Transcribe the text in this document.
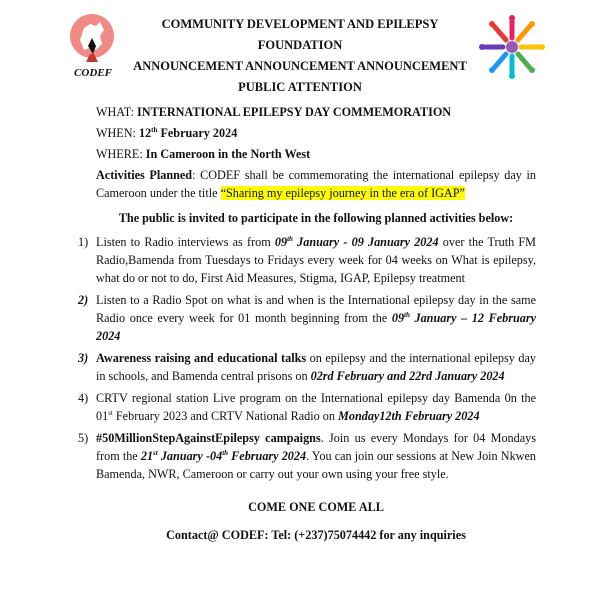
CODEF
COMMUNITY DEVELOPMENT AND EPILEPSY FOUNDATION
ANNOUNCEMENT ANNOUNCEMENT ANNOUNCEMENT
PUBLIC ATTENTION
WHAT: INTERNATIONAL EPILEPSY DAY COMMEMORATION
WHEN: 12th February 2024
WHERE: In Cameroon in the North West
Activities Planned: CODEF shall be commemorating the international epilepsy day in Cameroon under the title “Sharing my epilepsy journey in the era of IGAP”
The public is invited to participate in the following planned activities below:
1) Listen to Radio interviews as from 09th January - 09 January 2024 over the Truth FM Radio,Bamenda from Tuesdays to Fridays every week for 04 weeks on What is epilepsy, what do or not to do, First Aid Measures, Stigma, IGAP, Epilepsy treatment
2) Listen to a Radio Spot on what is and when is the International epilepsy day in the same Radio once every week for 01 month beginning from the 09th January – 12 February 2024
3) Awareness raising and educational talks on epilepsy and the international epilepsy day in schools, and Bamenda central prisons on 02rd February and 22rd January 2024
4) CRTV regional station Live program on the International epilepsy day Bamenda 0n the 01st February 2023 and CRTV National Radio on Monday12th February 2024
5) #50MillionStepAgainstEpilepsy campaigns. Join us every Mondays for 04 Mondays from the 21st January -04th February 2024. You can join our sessions at New Join Nkwen Bamenda, NWR, Cameroon or carry out your own using your free style.
COME ONE COME ALL
Contact@ CODEF: Tel: (+237)75074442 for any inquiries
